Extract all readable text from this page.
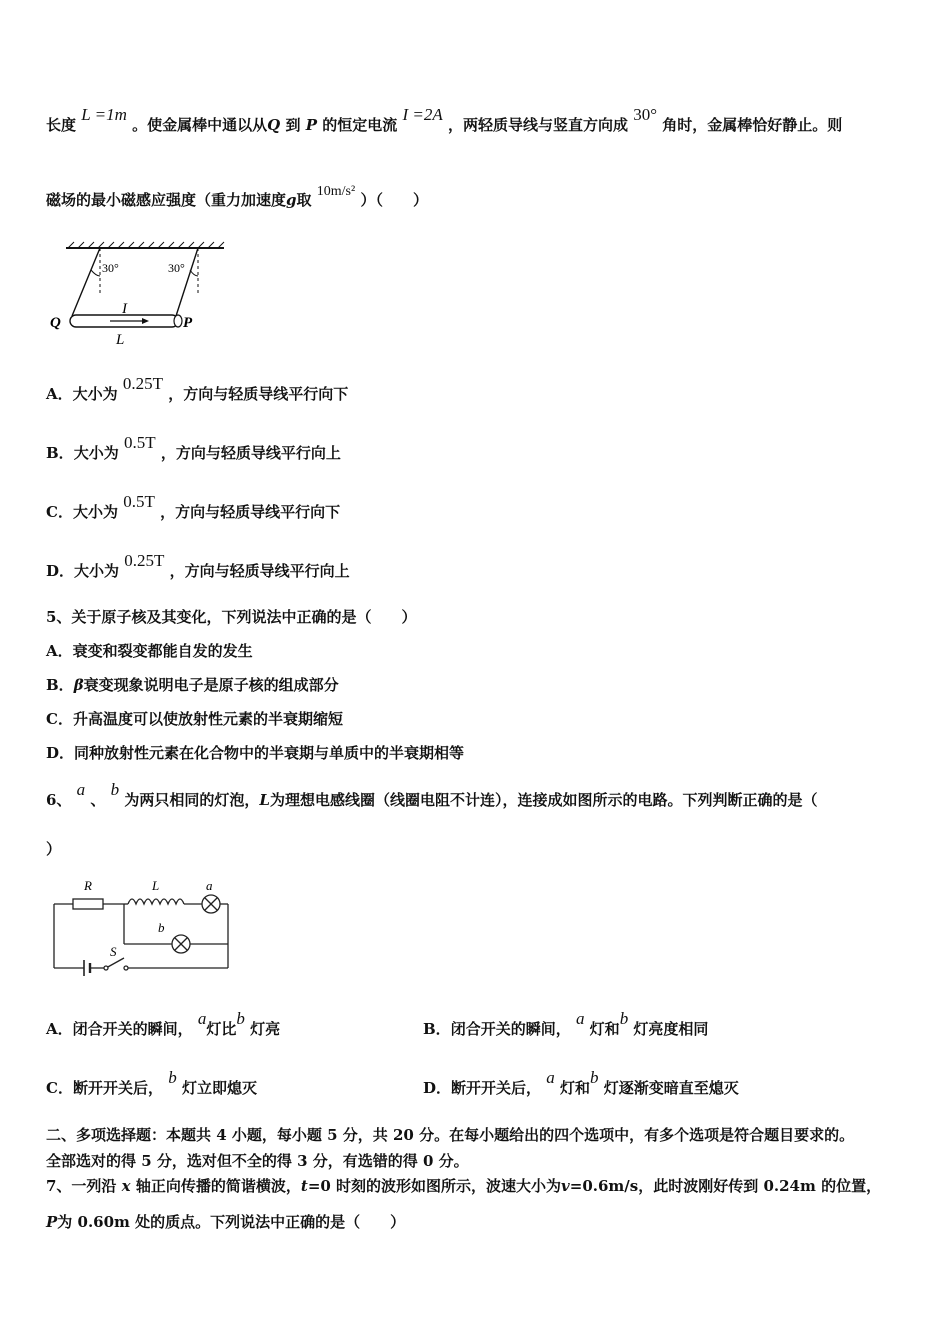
长度 L =1m 。使金属棒中通以从Q 到 P 的恒定电流 I =2A ，两轻质导线与竖直方向成 30° 角时，金属棒恰好静止。则
磁场的最小磁感应强度（重力加速度g取 10m/s² ）（　　）
30°	30°
I
Q	P
L
A．大小为 0.25T ，方向与轻质导线平行向下
B．大小为 0.5T ，方向与轻质导线平行向上
C．大小为 0.5T ，方向与轻质导线平行向下
D．大小为 0.25T ，方向与轻质导线平行向上
5、关于原子核及其变化，下列说法中正确的是（　　）
A．衰变和裂变都能自发的发生
B．β衰变现象说明电子是原子核的组成部分
C．升高温度可以使放射性元素的半衰期缩短
D．同种放射性元素在化合物中的半衰期与单质中的半衰期相等
6、 a 、 b 为两只相同的灯泡，L为理想电感线圈（线圈电阻不计连），连接成如图所示的电路。下列判断正确的是（
）
R	L	a
b
S
A．闭合开关的瞬间， a灯比b 灯亮	B．闭合开关的瞬间， a 灯和b 灯亮度相同
C．断开开关后， b 灯立即熄灭	D．断开开关后， a 灯和b 灯逐渐变暗直至熄灭
二、多项选择题：本题共 4 小题，每小题 5 分，共 20 分。在每小题给出的四个选项中，有多个选项是符合题目要求的。
全部选对的得 5 分，选对但不全的得 3 分，有选错的得 0 分。
7、一列沿 x 轴正向传播的简谐横波，t=0 时刻的波形如图所示，波速大小为v=0.6m/s，此时波刚好传到 0.24m 的位置，
P为 0.60m 处的质点。下列说法中正确的是（　　）
